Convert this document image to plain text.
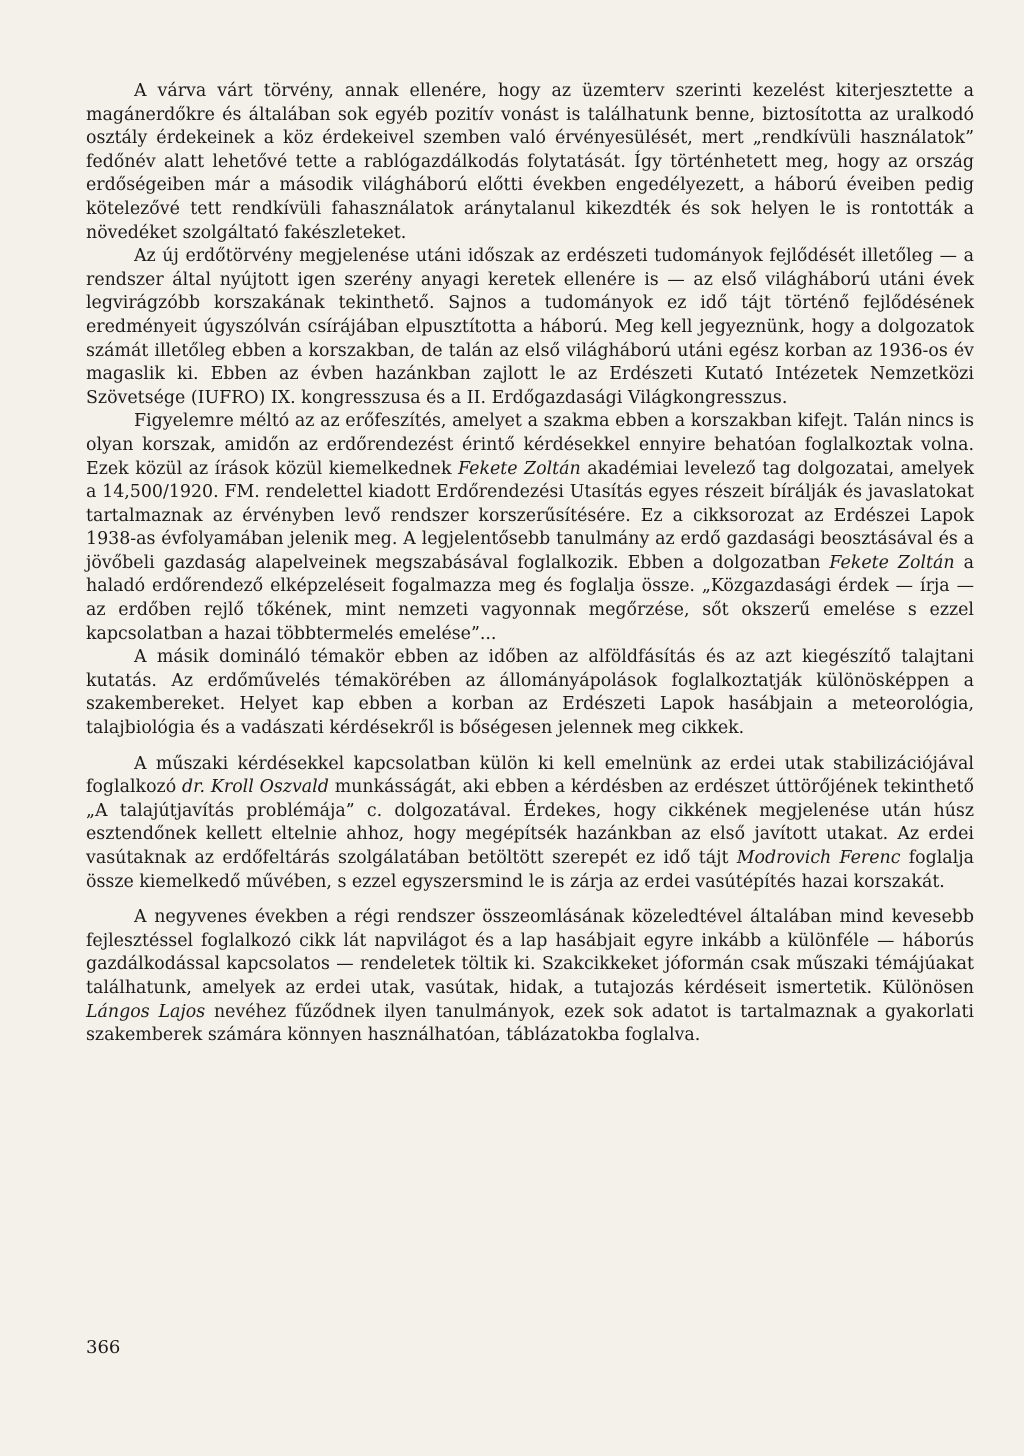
A várva várt törvény, annak ellenére, hogy az üzemterv szerinti kezelést kiterjesztette a magánerdőkre és általában sok egyéb pozitív vonást is találhatunk benne, biztosította az uralkodó osztály érdekeinek a köz érdekeivel szemben való érvényesülését, mert „rendkívüli használatok” fedőnév alatt lehetővé tette a rablógazdálkodás folytatását. Így történhetett meg, hogy az ország erdőségeiben már a második világháború előtti években engedélyezett, a háború éveiben pedig kötelezővé tett rendkívüli fahasználatok aránytalanul kikezdték és sok helyen le is rontották a növedéket szolgáltató fakészleteket.

Az új erdőtörvény megjelenése utáni időszak az erdészeti tudományok fejlődését illetőleg — a rendszer által nyújtott igen szerény anyagi keretek ellenére is — az első világháború utáni évek legvirágzóbb korszakának tekinthető. Sajnos a tudományok ez idő tájt történő fejlődésének eredményeit úgyszólván csírájában elpusztította a háború. Meg kell jegyeznünk, hogy a dolgozatok számát illetőleg ebben a korszakban, de talán az első világháború utáni egész korban az 1936-os év magaslik ki. Ebben az évben hazánkban zajlott le az Erdészeti Kutató Intézetek Nemzetközi Szövetsége (IUFRO) IX. kongresszusa és a II. Erdőgazdasági Világkongresszus.

Figyelemre méltó az az erőfeszítés, amelyet a szakma ebben a korszakban kifejt. Talán nincs is olyan korszak, amidőn az erdőrendezést érintő kérdésekkel ennyire behatóan foglalkoztak volna. Ezek közül az írások közül kiemelkednek Fekete Zoltán akadémiai levelező tag dolgozatai, amelyek a 14,500/1920. FM. rendelettel kiadott Erdőrendezési Utasítás egyes részeit bírálják és javaslatokat tartalmaznak az érvényben levő rendszer korszerűsítésére. Ez a cikksorozat az Erdészei Lapok 1938-as évfolyamában jelenik meg. A legjelentősebb tanulmány az erdő gazdasági beosztásával és a jövőbeli gazdaság alapelveinek megszabásával foglalkozik. Ebben a dolgozatban Fekete Zoltán a haladó erdőrendező elképzeléseit fogalmazza meg és foglalja össze. „Közgazdasági érdek — írja — az erdőben rejlő tőkének, mint nemzeti vagyonnak megőrzése, sőt okszerű emelése s ezzel kapcsolatban a hazai többtermelés emelése”...

A másik domináló témakör ebben az időben az alföldfásítás és az azt kiegészítő talajtani kutatás. Az erdőművelés témakörében az állományápolások foglalkoztatják különösképpen a szakembereket. Helyet kap ebben a korban az Erdészeti Lapok hasábjain a meteorológia, talajbiológia és a vadászati kérdésekről is bőségesen jelennek meg cikkek.

A műszaki kérdésekkel kapcsolatban külön ki kell emelnünk az erdei utak stabilizációjával foglalkozó dr. Kroll Oszvald munkásságát, aki ebben a kérdésben az erdészet úttörőjének tekinthető „A talajútjavítás problémája” c. dolgozatával. Érdekes, hogy cikkének megjelenése után húsz esztendőnek kellett eltelnie ahhoz, hogy megépítsék hazánkban az első javított utakat. Az erdei vasútaknak az erdőfeltárás szolgálatában betöltött szerepét ez idő tájt Modrovich Ferenc foglalja össze kiemelkedő művében, s ezzel egyszersmind le is zárja az erdei vasútépítés hazai korszakát.

A negyvenes években a régi rendszer összeomlásának közeledtével általában mind kevesebb fejlesztéssel foglalkozó cikk lát napvilágot és a lap hasábjait egyre inkább a különféle — háborús gazdálkodással kapcsolatos — rendeletek töltik ki. Szakcikkeket jóformán csak műszaki témájúakat találhatunk, amelyek az erdei utak, vasútak, hidak, a tutajozás kérdéseit ismertetik. Különösen Lángos Lajos nevéhez fűződnek ilyen tanulmányok, ezek sok adatot is tartalmaznak a gyakorlati szakemberek számára könnyen használhatóan, táblázatokba foglalva.

366
